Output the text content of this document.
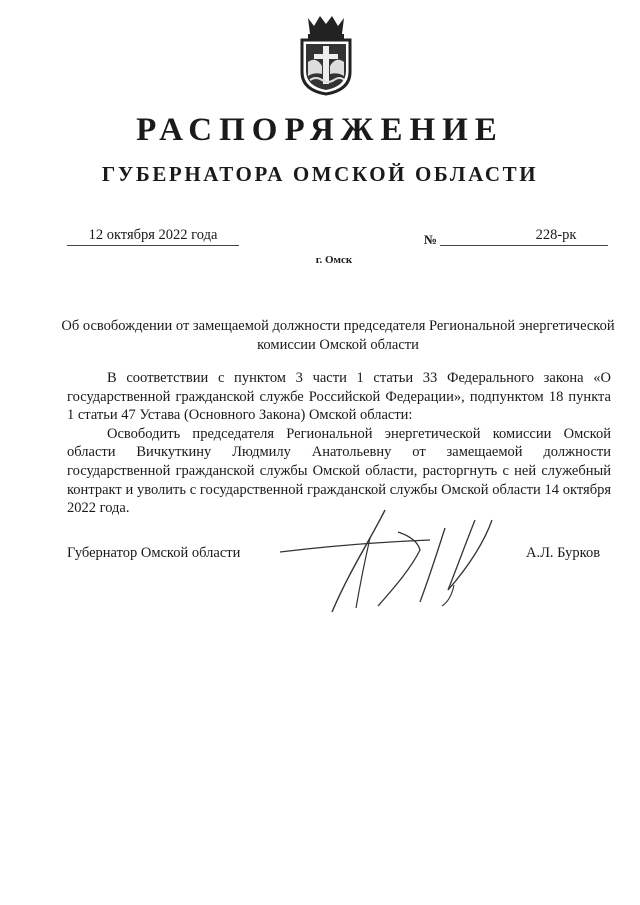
РАСПОРЯЖЕНИЕ
ГУБЕРНАТОРА ОМСКОЙ ОБЛАСТИ
12 октября 2022 года	№	228-рк
г. Омск
Об освобождении от замещаемой должности председателя Региональной энергетической комиссии Омской области

В соответствии с пунктом 3 части 1 статьи 33 Федерального закона «О государственной гражданской службе Российской Федерации», подпунктом 18 пункта 1 статьи 47 Устава (Основного Закона) Омской области:

Освободить председателя Региональной энергетической комиссии Омской области Вичкуткину Людмилу Анатольевну от замещаемой должности государственной гражданской службы Омской области, расторгнуть с ней служебный контракт и уволить с государственной гражданской службы Омской области 14 октября 2022 года.

Губернатор Омской области	А.Л. Бурков
